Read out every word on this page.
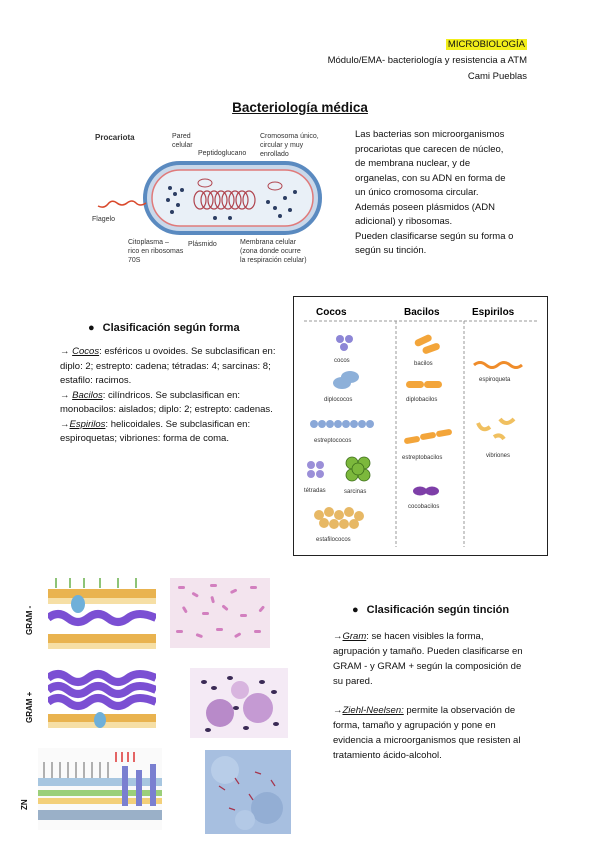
MICROBIOLOGÍA
Módulo/EMA- bacteriología y resistencia a ATM
Cami Pueblas
Bacteriología médica
Procariota	Pared
celular
Peptidoglucano
Cromosoma único,
circular y muy
enrollado
Flagelo
Citoplasma –
rico en ribosomas
70S
Plásmido	Membrana celular
(zona donde ocurre
la respiración celular)
Las bacterias son microorganismos
procariotas que carecen de núcleo,
de membrana nuclear, y de
organelas, con su ADN en forma de
un único cromosoma circular.
Además poseen plásmidos (ADN
adicional) y ribosomas.
Pueden clasificarse según su forma o
según su tinción.
● Clasificación según forma
→ Cocos: esféricos u ovoides. Se subclasifican en:
diplo: 2; estrepto: cadena; tétradas: 4; sarcinas: 8; estafilo: racimos.
→ Bacilos: cilíndricos. Se subclasifican en: monobacilos: aislados; diplo: 2; estrepto: cadenas.
→Espirilos: helicoidales. Se subclasifican en: espiroquetas; vibriones: forma de coma.
Cocos	Bacilos	Espirilos
cocos
diplococos
estreptococos
tétradas	sarcinas
estafilococos
bacilos
diplobacilos
estreptobacilos
cocobacilos
espiroqueta
vibriones
GRAM -
GRAM +
ZN
● Clasificación según tinción
→Gram: se hacen visibles la forma, agrupación y tamaño. Pueden clasificarse en GRAM - y GRAM + según la composición de su pared.
→Ziehl-Neelsen: permite la observación de forma, tamaño y agrupación y pone en evidencia a microorganismos que resisten al tratamiento ácido-alcohol.
